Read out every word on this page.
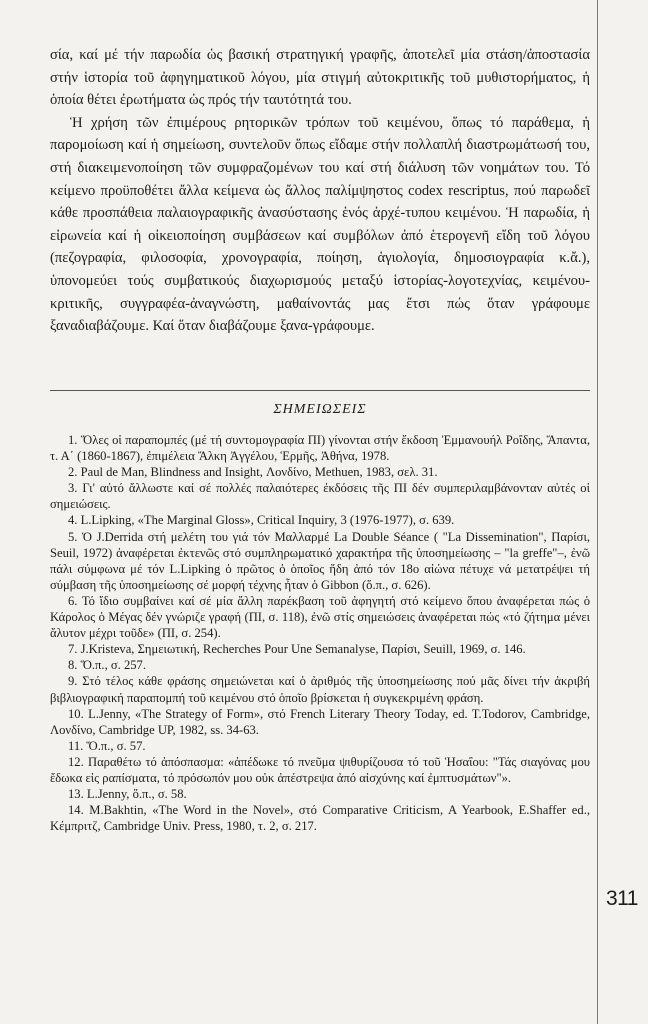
σία, καί μέ τήν παρωδία ὡς βασική στρατηγική γραφῆς, ἀποτελεῖ μία στάση/ἀποστασία στήν ἱστορία τοῦ ἀφηγηματικοῦ λόγου, μία στιγμή αὐτοκριτικῆς τοῦ μυθιστορήματος, ἡ ὁποία θέτει ἐρωτήματα ὡς πρός τήν ταυτότητά του.

Ἡ χρήση τῶν ἐπιμέρους ρητορικῶν τρόπων τοῦ κειμένου, ὅπως τό παράθεμα, ἡ παρομοίωση καί ἡ σημείωση, συντελοῦν ὅπως εἴδαμε στήν πολλαπλή διαστρωμάτωσή του, στή διακειμενοποίηση τῶν συμφραζομένων του καί στή διάλυση τῶν νοημάτων του. Τό κείμενο προϋποθέτει ἄλλα κείμενα ὡς ἄλλος παλίμψηστος codex rescriptus, πού παρωδεῖ κάθε προσπάθεια παλαιογραφικῆς ἀνασύστασης ἑνός ἀρχέ-τυπου κειμένου. Ἡ παρωδία, ἡ εἰρωνεία καί ἡ οἰκειοποίηση συμβάσεων καί συμβόλων ἀπό ἑτερογενῆ εἴδη τοῦ λόγου (πεζογραφία, φιλοσοφία, χρονογραφία, ποίηση, ἁγιολογία, δημοσιογραφία κ.ἄ.), ὑπονομεύει τούς συμβατικούς διαχωρισμούς μεταξύ ἱστορίας-λογοτεχνίας, κειμένου-κριτικῆς, συγγραφέα-ἀναγνώστη, μαθαίνοντάς μας ἔτσι πώς ὅταν γράφουμε ξαναδιαβάζουμε. Καί ὅταν διαβάζουμε ξανα-γράφουμε.

ΣΗΜΕΙΩΣΕΙΣ

1. Ὅλες οἱ παραπομπές (μέ τή συντομογραφία ΠΙ) γίνονται στήν ἔκδοση Ἐμμανουήλ Ροΐδης, Ἅπαντα, τ. Α΄ (1860-1867), ἐπιμέλεια Ἄλκη Ἀγγέλου, Ἑρμῆς, Ἀθήνα, 1978.

2. Paul de Man, Blindness and Insight, Λονδίνο, Methuen, 1983, σελ. 31.

3. Γι' αὐτό ἄλλωστε καί σέ πολλές παλαιότερες ἐκδόσεις τῆς ΠΙ δέν συμπεριλαμβάνονταν αὐτές οἱ σημειώσεις.

4. L.Lipking, «The Marginal Gloss», Critical Inquiry, 3 (1976-1977), σ. 639.

5. Ὁ J.Derrida στή μελέτη του γιά τόν Μαλλαρμέ La Double Séance ( "La Dissemination", Παρίσι, Seuil, 1972) ἀναφέρεται ἐκτενῶς στό συμπληρωματικό χαρακτήρα τῆς ὑποσημείωσης – "la greffe"–, ἐνῶ πάλι σύμφωνα μέ τόν L.Lipking ὁ πρῶτος ὁ ὁποῖος ἤδη ἀπό τόν 18ο αἰώνα πέτυχε νά μετατρέψει τή σύμβαση τῆς ὑποσημείωσης σέ μορφή τέχνης ἦταν ὁ Gibbon (ὅ.π., σ. 626).

6. Τό ἴδιο συμβαίνει καί σέ μία ἄλλη παρέκβαση τοῦ ἀφηγητή στό κείμενο ὅπου ἀναφέρεται πώς ὁ Κάρολος ὁ Μέγας δέν γνώριζε γραφή (ΠΙ, σ. 118), ἐνῶ στίς σημειώσεις ἀναφέρεται πώς «τό ζήτημα μένει ἄλυτον μέχρι τοῦδε» (ΠΙ, σ. 254).

7. J.Kristeva, Σημειωτική, Recherches Pour Une Semanalyse, Παρίσι, Seuill, 1969, σ. 146.

8. Ὅ.π., σ. 257.

9. Στό τέλος κάθε φράσης σημειώνεται καί ὁ ἀριθμός τῆς ὑποσημείωσης πού μᾶς δίνει τήν ἀκριβή βιβλιογραφική παραπομπή τοῦ κειμένου στό ὁποῖο βρίσκεται ἡ συγκεκριμένη φράση.

10. L.Jenny, «The Strategy of Form», στό French Literary Theory Today, ed. T.Todorov, Cambridge, Λονδίνο, Cambridge UP, 1982, ss. 34-63.

11. Ὅ.π., σ. 57.

12. Παραθέτω τό ἀπόσπασμα: «ἀπέδωκε τό πνεῦμα ψιθυρίζουσα τό τοῦ Ἡσαΐου: "Τάς σιαγόνας μου ἔδωκα εἰς ραπίσματα, τό πρόσωπόν μου οὐκ ἀπέστρεψα ἀπό αἰσχύνης καί ἐμπτυσμάτων"».

13. L.Jenny, ὅ.π., σ. 58.

14. M.Bakhtin, «The Word in the Novel», στό Comparative Criticism, A Yearbook, E.Shaffer ed., Κέμπριτζ, Cambridge Univ. Press, 1980, τ. 2, σ. 217.

311
